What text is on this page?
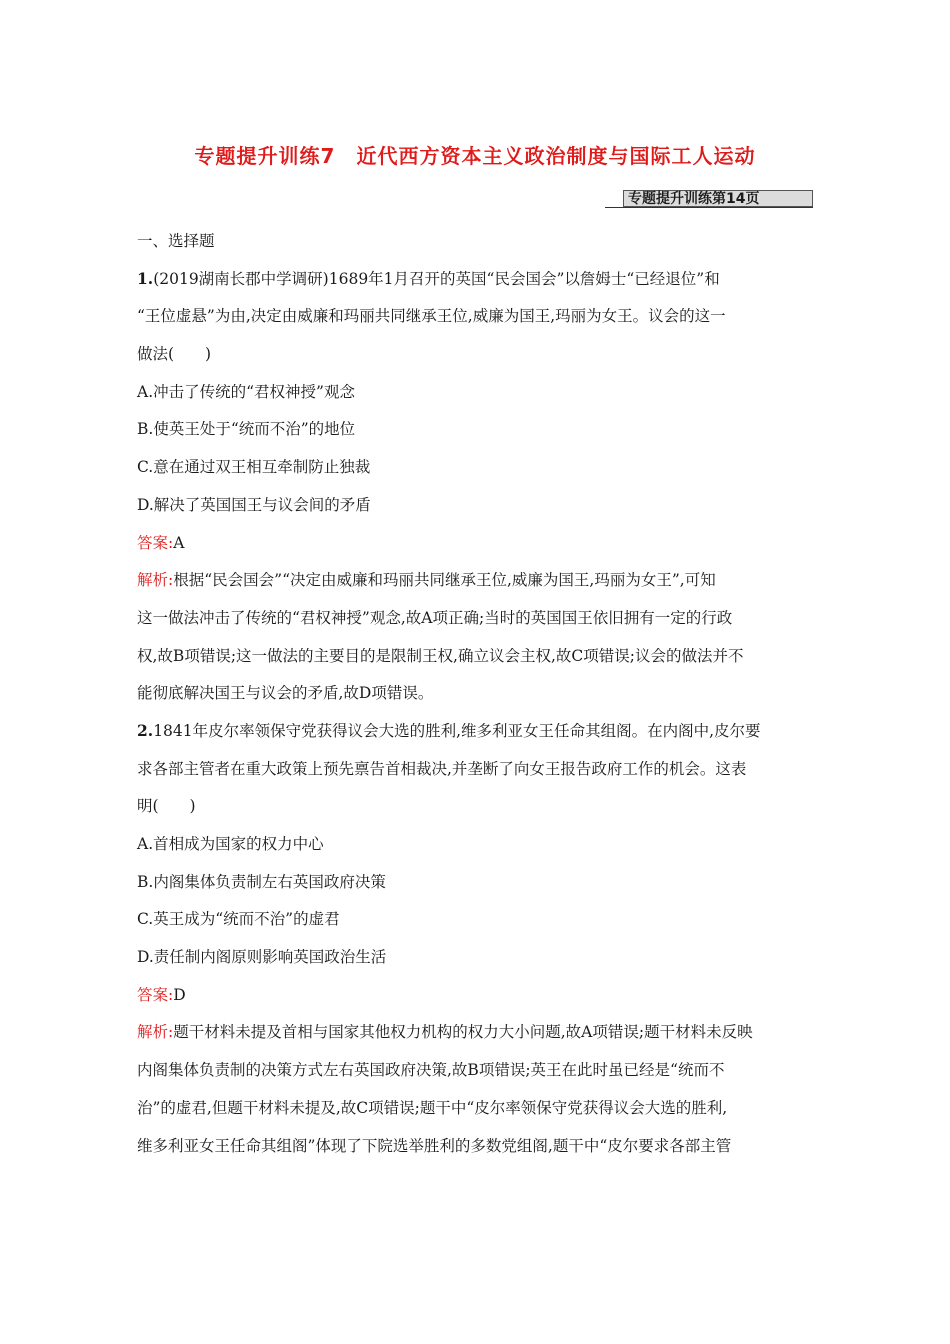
专题提升训练7　近代西方资本主义政治制度与国际工人运动
专题提升训练第14页
一、选择题
1.(2019湖南长郡中学调研)1689年1月召开的英国“民会国会”以詹姆士“已经退位”和
“王位虚悬”为由,决定由威廉和玛丽共同继承王位,威廉为国王,玛丽为女王。议会的这一
做法(　　)
A.冲击了传统的“君权神授”观念
B.使英王处于“统而不治”的地位
C.意在通过双王相互牵制防止独裁
D.解决了英国国王与议会间的矛盾
答案:A
解析:根据“民会国会”“决定由威廉和玛丽共同继承王位,威廉为国王,玛丽为女王”,可知
这一做法冲击了传统的“君权神授”观念,故A项正确;当时的英国国王依旧拥有一定的行政
权,故B项错误;这一做法的主要目的是限制王权,确立议会主权,故C项错误;议会的做法并不
能彻底解决国王与议会的矛盾,故D项错误。
2.1841年皮尔率领保守党获得议会大选的胜利,维多利亚女王任命其组阁。在内阁中,皮尔要
求各部主管者在重大政策上预先禀告首相裁决,并垄断了向女王报告政府工作的机会。这表
明(　　)
A.首相成为国家的权力中心
B.内阁集体负责制左右英国政府决策
C.英王成为“统而不治”的虚君
D.责任制内阁原则影响英国政治生活
答案:D
解析:题干材料未提及首相与国家其他权力机构的权力大小问题,故A项错误;题干材料未反映
内阁集体负责制的决策方式左右英国政府决策,故B项错误;英王在此时虽已经是“统而不
治”的虚君,但题干材料未提及,故C项错误;题干中“皮尔率领保守党获得议会大选的胜利,
维多利亚女王任命其组阁”体现了下院选举胜利的多数党组阁,题干中“皮尔要求各部主管
